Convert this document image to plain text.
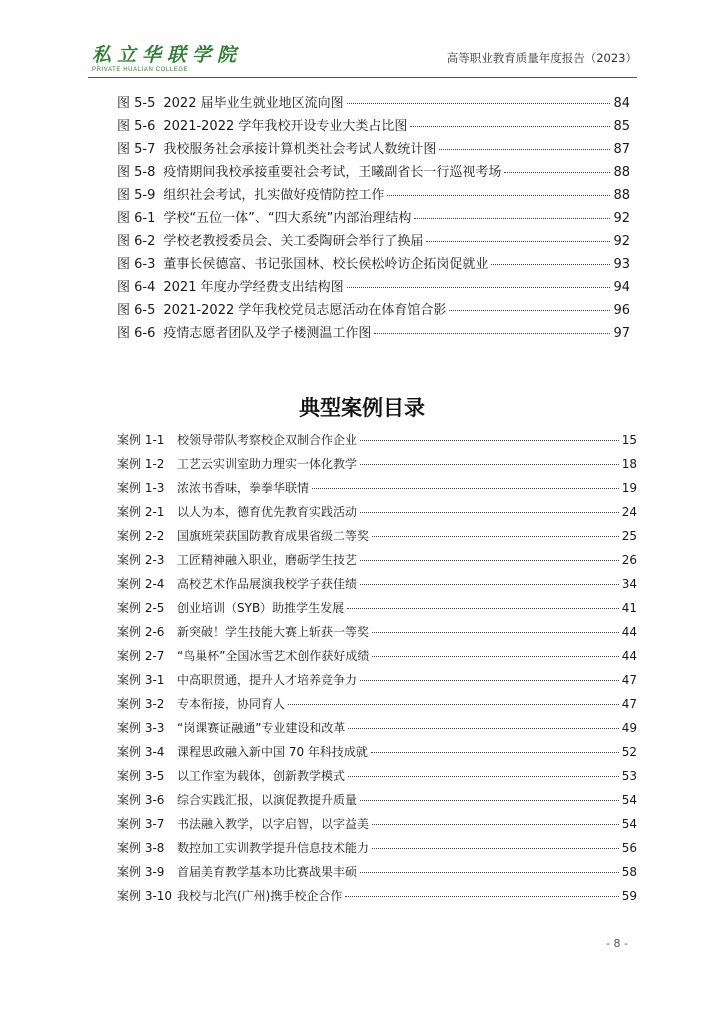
私立华联学院
PRIVATE HUALIAN COLLEGE
高等职业教育质量年度报告（2023）
图 5-5 2022 届毕业生就业地区流向图	84
图 5-6 2021-2022 学年我校开设专业大类占比图	85
图 5-7 我校服务社会承接计算机类社会考试人数统计图	87
图 5-8 疫情期间我校承接重要社会考试，王曦副省长一行巡视考场	88
图 5-9 组织社会考试，扎实做好疫情防控工作	88
图 6-1 学校“五位一体”、“四大系统”内部治理结构	92
图 6-2 学校老教授委员会、关工委陶研会举行了换届	92
图 6-3 董事长侯德富、书记张国林、校长侯松岭访企拓岗促就业	93
图 6-4 2021 年度办学经费支出结构图	94
图 6-5 2021-2022 学年我校党员志愿活动在体育馆合影	96
图 6-6 疫情志愿者团队及学子楼测温工作图	97
典型案例目录
案例 1-1	校领导带队考察校企双制合作企业	15
案例 1-2	工艺云实训室助力理实一体化教学	18
案例 1-3	浓浓书香味，拳拳华联情	19
案例 2-1	以人为本，德育优先教育实践活动	24
案例 2-2	国旗班荣获国防教育成果省级二等奖	25
案例 2-3	工匠精神融入职业，磨砺学生技艺	26
案例 2-4	高校艺术作品展演我校学子获佳绩	34
案例 2-5	创业培训（SYB）助推学生发展	41
案例 2-6	新突破！学生技能大赛上斩获一等奖	44
案例 2-7	“鸟巢杯”全国冰雪艺术创作获好成绩	44
案例 3-1	中高职贯通，提升人才培养竞争力	47
案例 3-2	专本衔接，协同育人	47
案例 3-3	“岗课赛证融通”专业建设和改革	49
案例 3-4	课程思政融入新中国 70 年科技成就	52
案例 3-5	以工作室为载体，创新教学模式	53
案例 3-6	综合实践汇报，以演促教提升质量	54
案例 3-7	书法融入教学，以字启智，以字益美	54
案例 3-8	数控加工实训教学提升信息技术能力	56
案例 3-9	首届美育教学基本功比赛战果丰硕	58
案例 3-10 我校与北汽(广州)携手校企合作	59
- 8 -
